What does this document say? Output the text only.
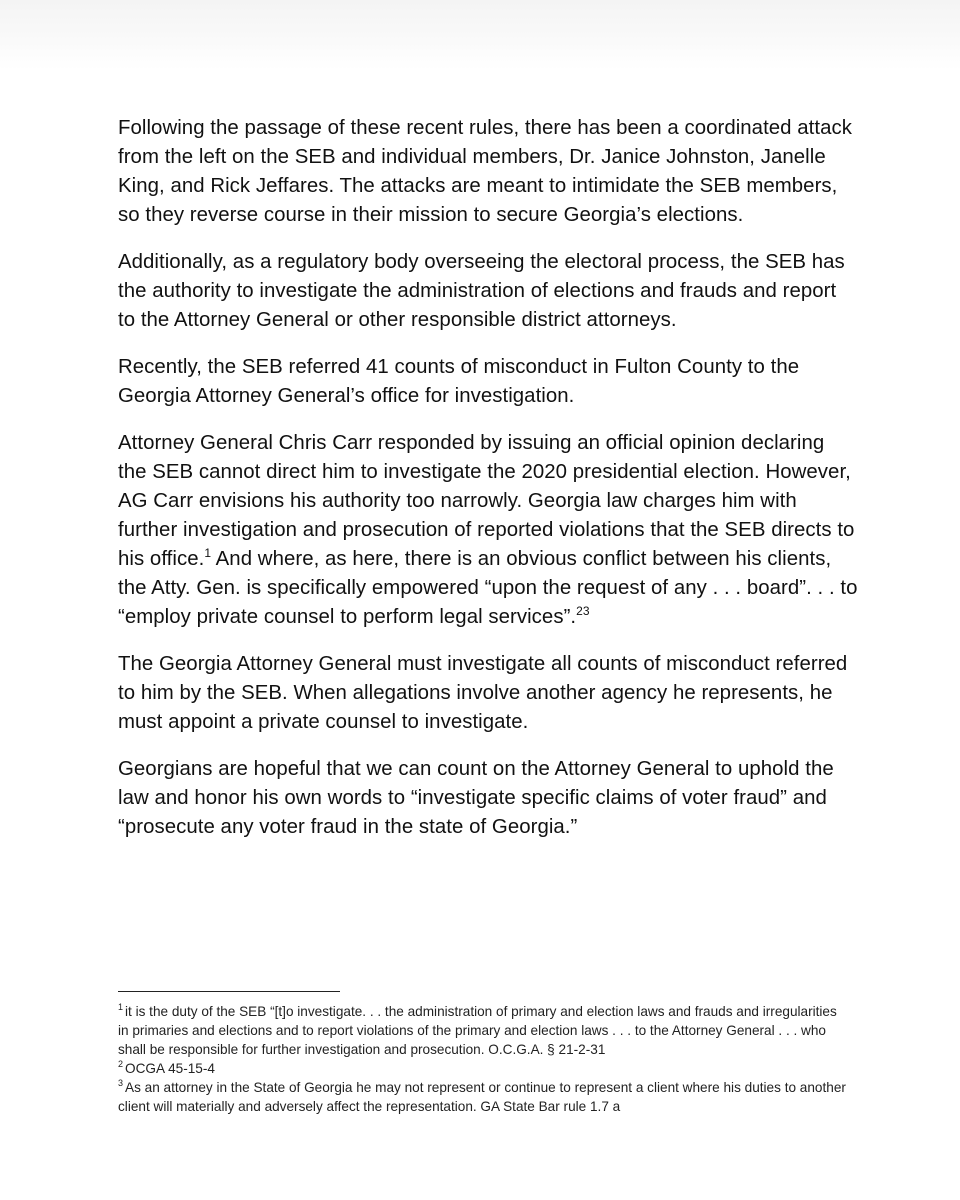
Following the passage of these recent rules, there has been a coordinated attack from the left on the SEB and individual members, Dr. Janice Johnston, Janelle King, and Rick Jeffares. The attacks are meant to intimidate the SEB members, so they reverse course in their mission to secure Georgia’s elections.

Additionally, as a regulatory body overseeing the electoral process, the SEB has the authority to investigate the administration of elections and frauds and report to the Attorney General or other responsible district attorneys.

Recently, the SEB referred 41 counts of misconduct in Fulton County to the Georgia Attorney General’s office for investigation.

Attorney General Chris Carr responded by issuing an official opinion declaring the SEB cannot direct him to investigate the 2020 presidential election. However, AG Carr envisions his authority too narrowly. Georgia law charges him with further investigation and prosecution of reported violations that the SEB directs to his office.$^1$ And where, as here, there is an obvious conflict between his clients, the Atty. Gen. is specifically empowered “upon the request of any . . . board”. . . to “employ private counsel to perform legal services”.$^{23}$

The Georgia Attorney General must investigate all counts of misconduct referred to him by the SEB. When allegations involve another agency he represents, he must appoint a private counsel to investigate.

Georgians are hopeful that we can count on the Attorney General to uphold the law and honor his own words to “investigate specific claims of voter fraud” and “prosecute any voter fraud in the state of Georgia.”

$^1$ it is the duty of the SEB “[t]o investigate. . . the administration of primary and election laws and frauds and irregularities in primaries and elections and to report violations of the primary and election laws . . . to the Attorney General . . . who shall be responsible for further investigation and prosecution. O.C.G.A. § 21-2-31

$^2$ OCGA 45-15-4

$^3$ As an attorney in the State of Georgia he may not represent or continue to represent a client where his duties to another client will materially and adversely affect the representation. GA State Bar rule 1.7 a
